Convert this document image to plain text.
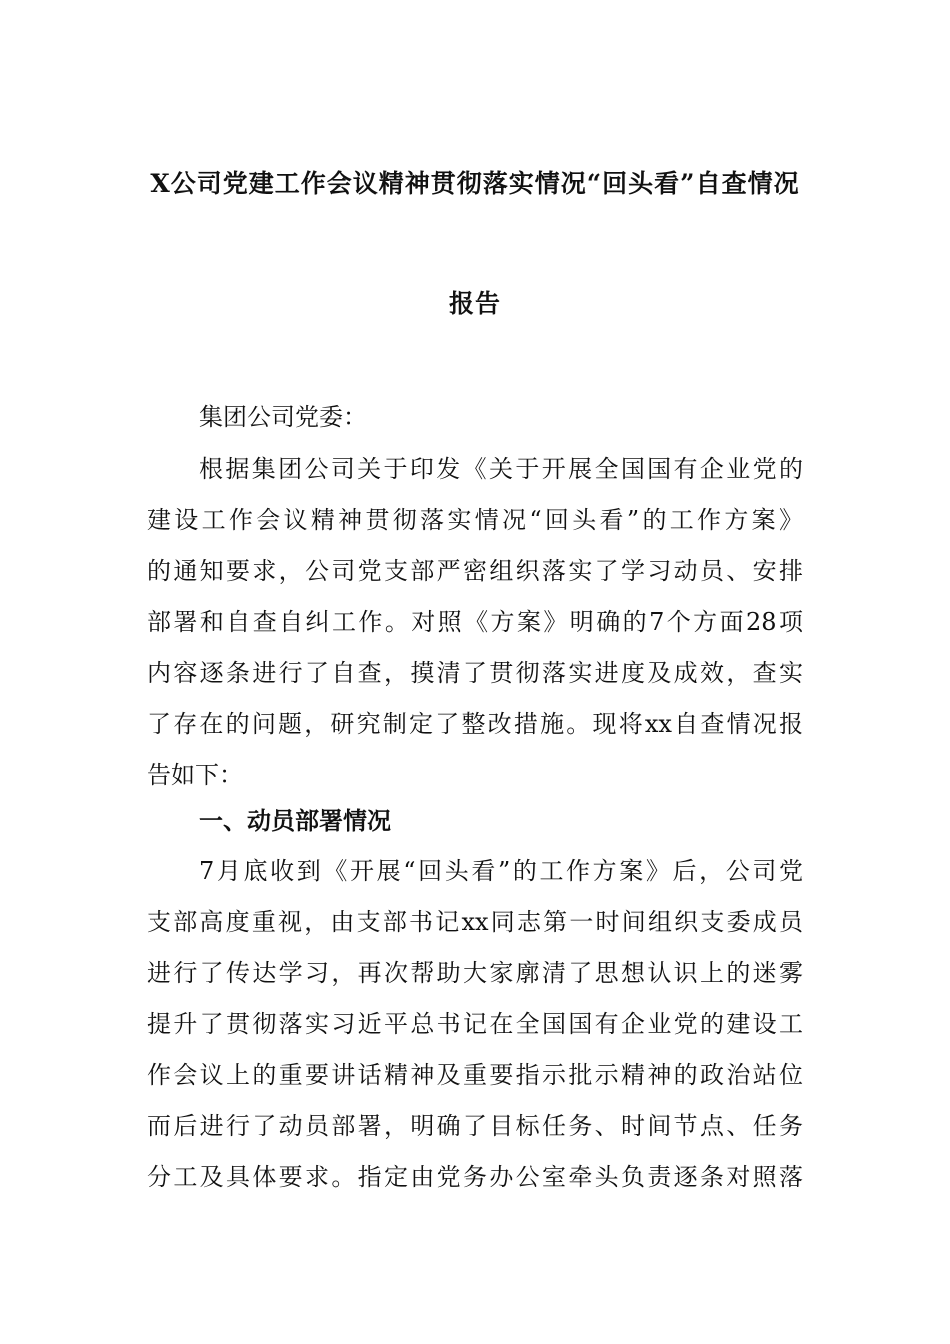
X公司党建工作会议精神贯彻落实情况“回头看”自查情况
报告
集团公司党委：
根据集团公司关于印发《关于开展全国国有企业党的
建设工作会议精神贯彻落实情况“回头看”的工作方案》
的通知要求，公司党支部严密组织落实了学习动员、安排
部署和自查自纠工作。对照《方案》明确的7个方面28项
内容逐条进行了自查，摸清了贯彻落实进度及成效，查实
了存在的问题，研究制定了整改措施。现将xx自查情况报
告如下：
一、动员部署情况
7月底收到《开展“回头看”的工作方案》后，公司党
支部高度重视，由支部书记xx同志第一时间组织支委成员
进行了传达学习，再次帮助大家廓清了思想认识上的迷雾
提升了贯彻落实习近平总书记在全国国有企业党的建设工
作会议上的重要讲话精神及重要指示批示精神的政治站位
而后进行了动员部署，明确了目标任务、时间节点、任务
分工及具体要求。指定由党务办公室牵头负责逐条对照落
